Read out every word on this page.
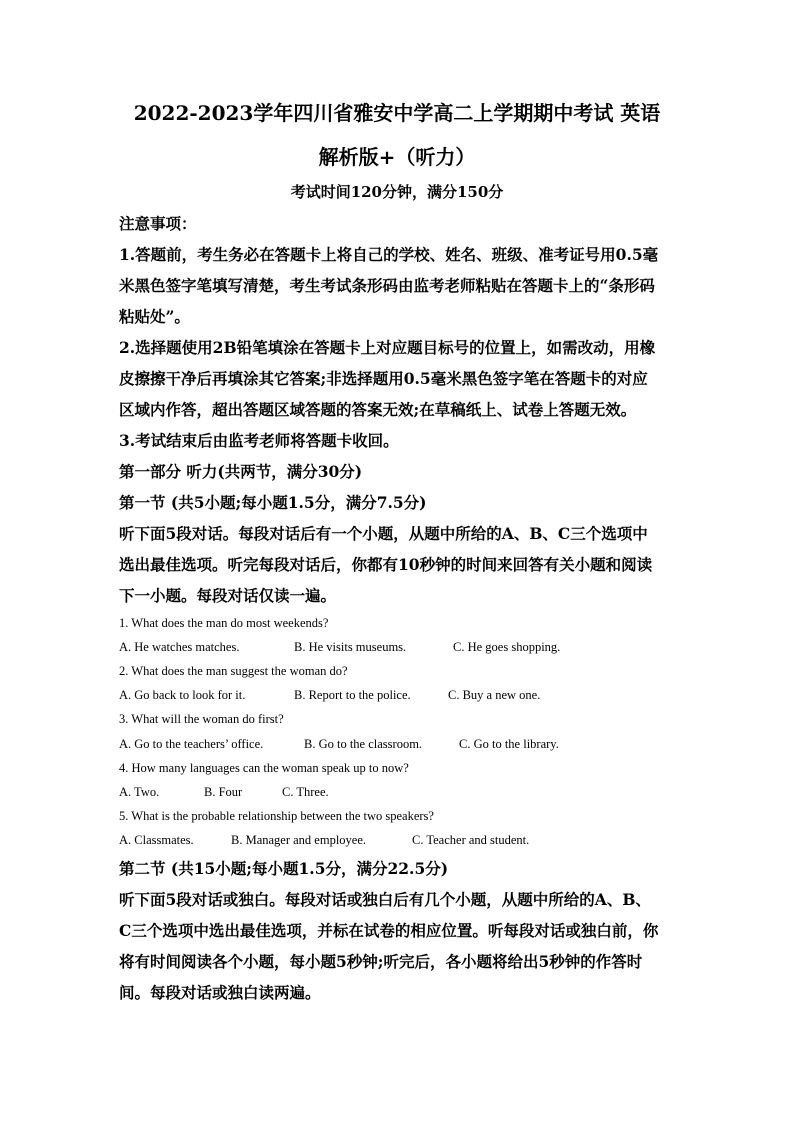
2022-2023学年四川省雅安中学高二上学期期中考试 英语

解析版+（听力）

考试时间120分钟，满分150分

注意事项：

1.答题前，考生务必在答题卡上将自己的学校、姓名、班级、准考证号用0.5毫

米黑色签字笔填写清楚，考生考试条形码由监考老师粘贴在答题卡上的“条形码

粘贴处”。

2.选择题使用2B铅笔填涂在答题卡上对应题目标号的位置上，如需改动，用橡

皮擦擦干净后再填涂其它答案;非选择题用0.5毫米黑色签字笔在答题卡的对应

区域内作答，超出答题区域答题的答案无效;在草稿纸上、试卷上答题无效。

3.考试结束后由监考老师将答题卡收回。

第一部分 听力(共两节，满分30分)

第一节 (共5小题;每小题1.5分，满分7.5分)

听下面5段对话。每段对话后有一个小题，从题中所给的A、B、C三个选项中

选出最佳选项。听完每段对话后，你都有10秒钟的时间来回答有关小题和阅读

下一小题。每段对话仅读一遍。

1. What does the man do most weekends?

A. He watches matches.	B. He visits museums.	C. He goes shopping.

2. What does the man suggest the woman do?

A. Go back to look for it.	B. Report to the police.	C. Buy a new one.

3. What will the woman do first?

A. Go to the teachers’ office.	B. Go to the classroom.	C. Go to the library.

4. How many languages can the woman speak up to now?

A. Two.	B. Four	C. Three.

5. What is the probable relationship between the two speakers?

A. Classmates.	B. Manager and employee.	C. Teacher and student.

第二节 (共15小题;每小题1.5分，满分22.5分)

听下面5段对话或独白。每段对话或独白后有几个小题，从题中所给的A、B、

C三个选项中选出最佳选项，并标在试卷的相应位置。听每段对话或独白前，你

将有时间阅读各个小题，每小题5秒钟;听完后，各小题将给出5秒钟的作答时

间。每段对话或独白读两遍。
